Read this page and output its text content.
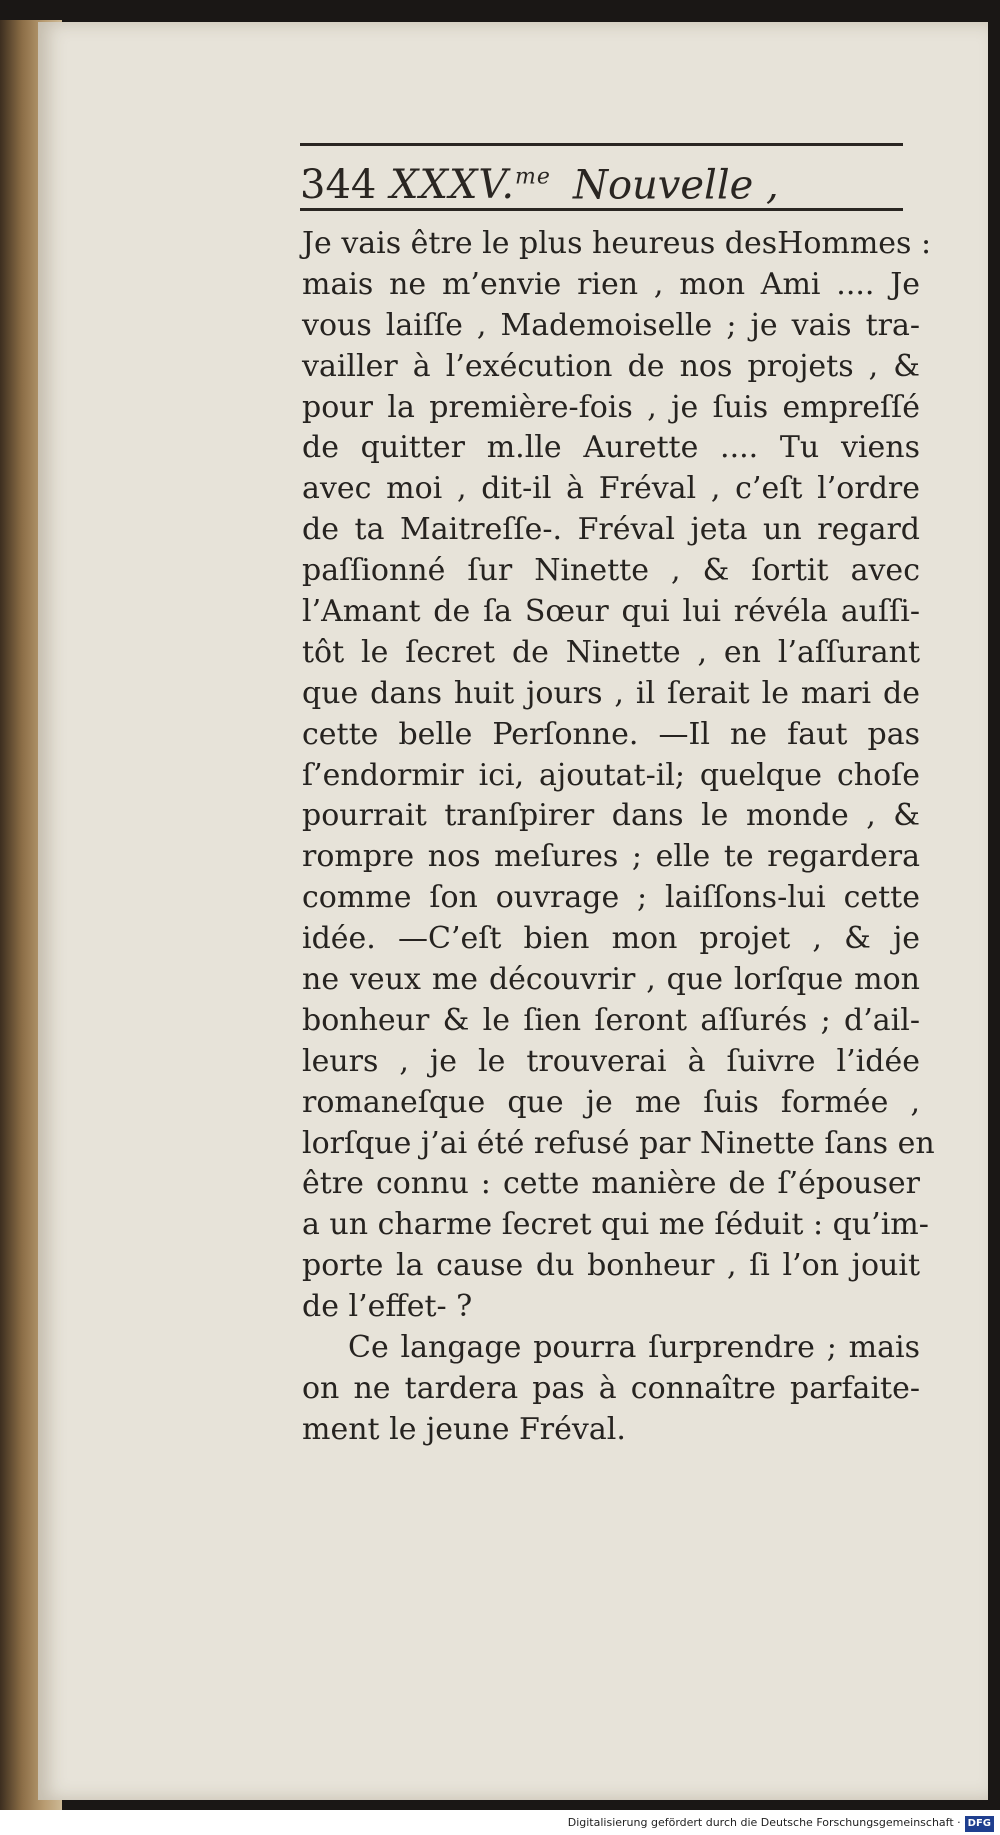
344 XXXV.$^{me}$ Nouvelle ,
Je vais être le plus heureus desHommes :
mais ne m’envie rien , mon Ami .... Je
vous laiſſe , Mademoiselle ; je vais tra-
vailler à l’exécution de nos projets , &
pour la première-fois , je ſuis empreſſé
de quitter m.lle Aurette .... Tu viens
avec moi , dit-il à Fréval , c’eſt l’ordre
de ta Maitreſſe-. Fréval jeta un regard
paſſionné ſur Ninette , & ſortit avec
l’Amant de ſa Sœur qui lui révéla auſſi-
tôt le ſecret de Ninette , en l’aſſurant
que dans huit jours , il ſerait le mari de
cette belle Perſonne. —Il ne faut pas
ſ’endormir ici, ajoutat-il; quelque choſe
pourrait tranſpirer dans le monde , &
rompre nos meſures ; elle te regardera
comme ſon ouvrage ; laiſſons-lui cette
idée. —C’eſt bien mon projet , & je
ne veux me découvrir , que lorſque mon
bonheur & le ſien ſeront aſſurés ; d’ail-
leurs , je le trouverai à ſuivre l’idée
romaneſque que je me ſuis formée ,
lorſque j’ai été refusé par Ninette ſans en
être connu : cette manière de ſ’épouser
a un charme ſecret qui me ſéduit : qu’im-
porte la cause du bonheur , ſi l’on jouit
de l’effet- ?
Ce langage pourra ſurprendre ; mais
on ne tardera pas à connaître parfaite-
ment le jeune Fréval.
Digitalisierung gefördert durch die Deutsche Forschungsgemeinschaft · DFG
